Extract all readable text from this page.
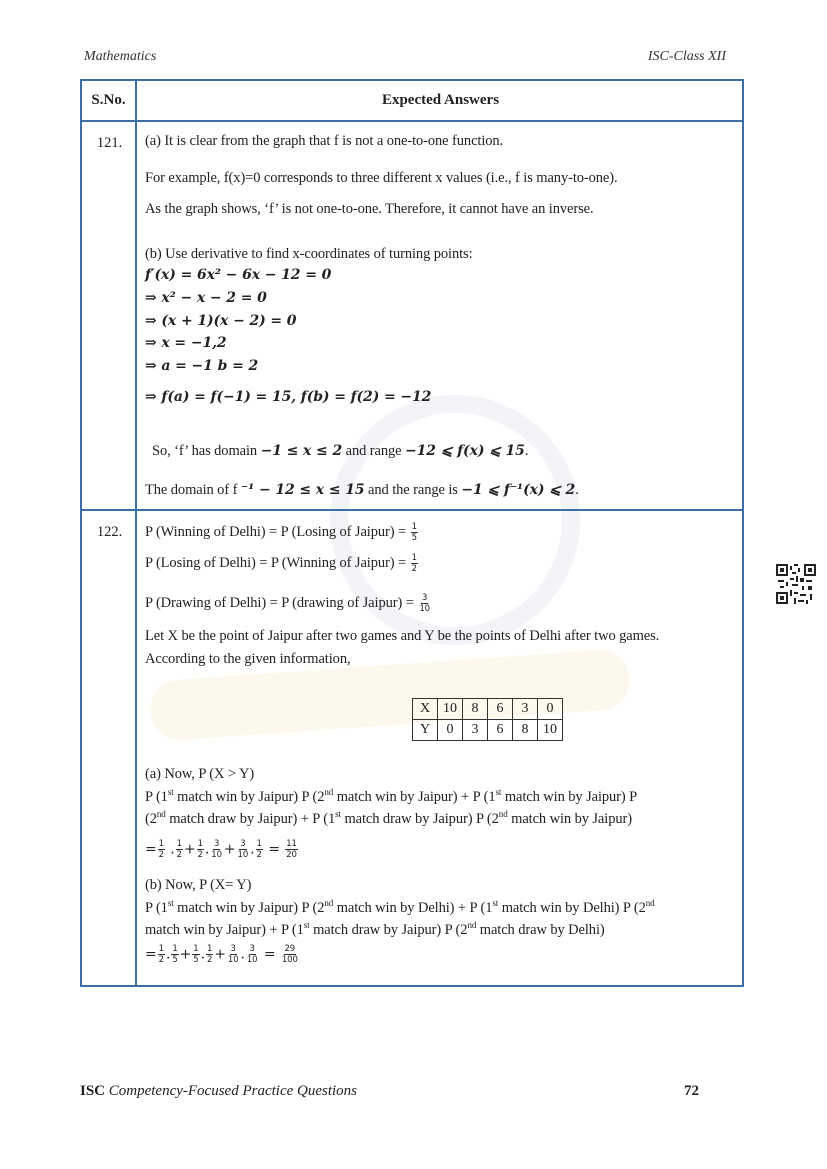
Mathematics	ISC-Class XII
S.No.	Expected Answers
121.	(a) It is clear from the graph that f is not a one-to-one function.
For example, f(x)=0 corresponds to three different x values (i.e., f is many-to-one).
As the graph shows, ‘f’ is not one-to-one. Therefore, it cannot have an inverse.
(b) Use derivative to find x-coordinates of turning points:
f′(x) = 6x² − 6x − 12 = 0
⇒ x² − x − 2 = 0
⇒ (x + 1)(x − 2) = 0
⇒ x = −1,2
⇒ a = −1 b = 2
⇒ f(a) = f(−1) = 15, f(b) = f(2) = −12
So, ‘f’ has domain −1 ≤ x ≤ 2 and range −12 ⩽ f(x) ⩽ 15.
The domain of f ⁻¹ − 12 ≤ x ≤ 15 and the range is −1 ⩽ f⁻¹(x) ⩽ 2.
122.	P (Winning of Delhi) = P (Losing of Jaipur) = $\frac{1}{5}$
P (Losing of Delhi) = P (Winning of Jaipur) = $\frac{1}{2}$
P (Drawing of Delhi) = P (drawing of Jaipur) = $\frac{3}{10}$
Let X be the point of Jaipur after two games and Y be the points of Delhi after two games.
According to the given information,
X	10	8	6	3	0
Y	0	3	6	8	10
(a) Now, P (X > Y)
P (1st match win by Jaipur) P (2nd match win by Jaipur) + P (1st match win by Jaipur) P
(2nd match draw by Jaipur) + P (1st match draw by Jaipur) P (2nd match win by Jaipur)
= $\frac{1}{2}$ . $\frac{1}{2} + \frac{1}{2}$ . $\frac{3}{10} + \frac{3}{10}$ . $\frac{1}{2} = \frac{11}{20}$
(b) Now, P (X= Y)
P (1st match win by Jaipur) P (2nd match win by Delhi) + P (1st match win by Delhi) P (2nd
match win by Jaipur) + P (1st match draw by Jaipur) P (2nd match draw by Delhi)
= $\frac{1}{2}$ . $\frac{1}{5} + \frac{1}{5}$ . $\frac{1}{2} + \frac{3}{10}$ . $\frac{3}{10} = \frac{29}{100}$
ISC Competency-Focused Practice Questions	72
